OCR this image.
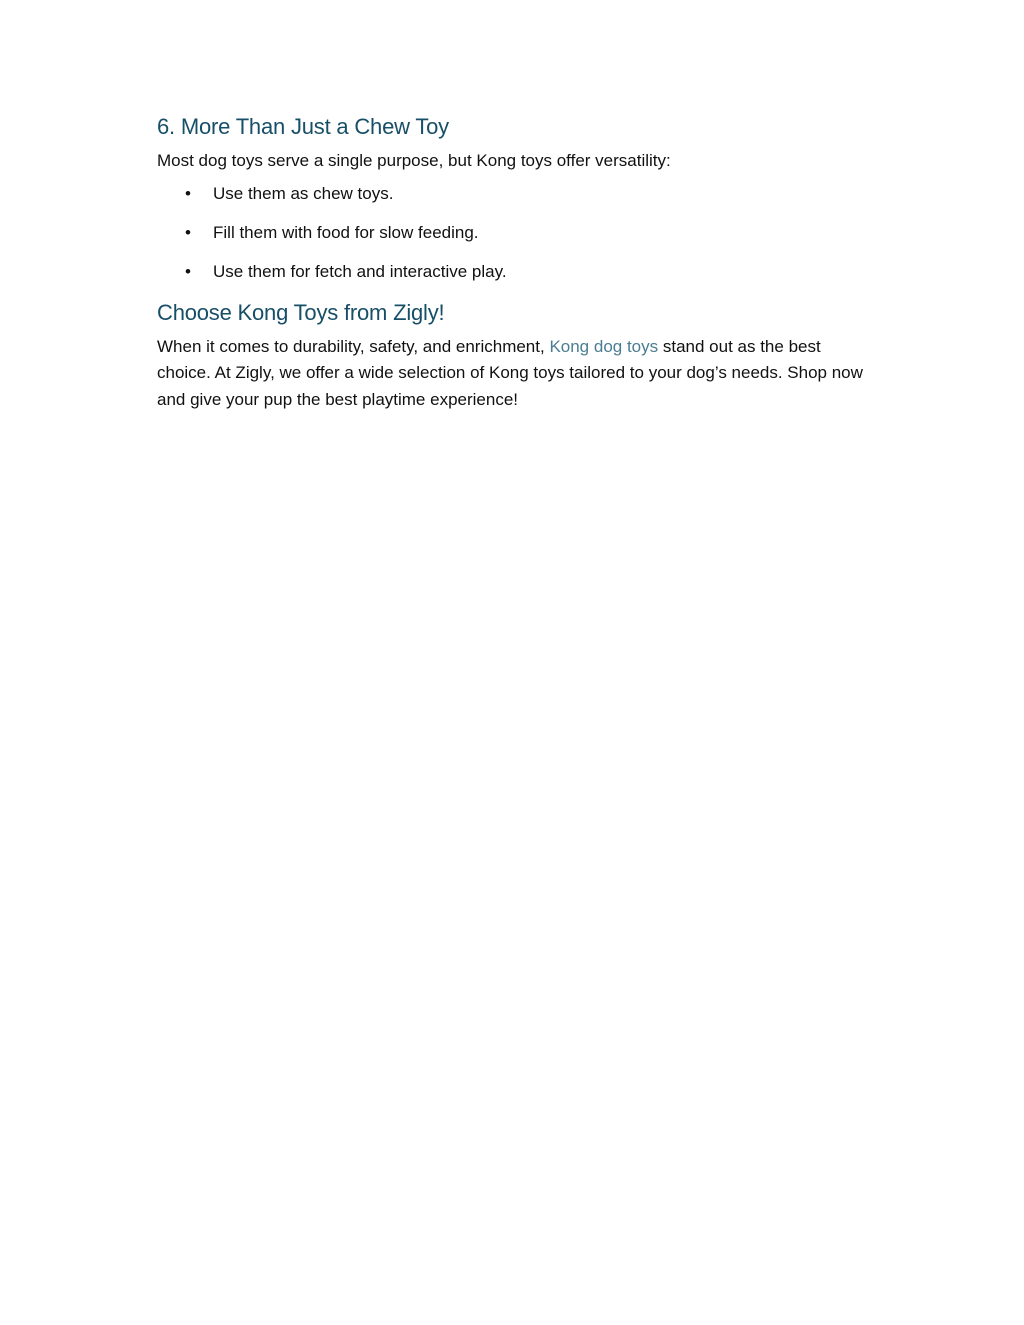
6. More Than Just a Chew Toy

Most dog toys serve a single purpose, but Kong toys offer versatility:

• Use them as chew toys.
• Fill them with food for slow feeding.
• Use them for fetch and interactive play.
Choose Kong Toys from Zigly!

When it comes to durability, safety, and enrichment, Kong dog toys stand out as the best choice. At Zigly, we offer a wide selection of Kong toys tailored to your dog’s needs. Shop now and give your pup the best playtime experience!
